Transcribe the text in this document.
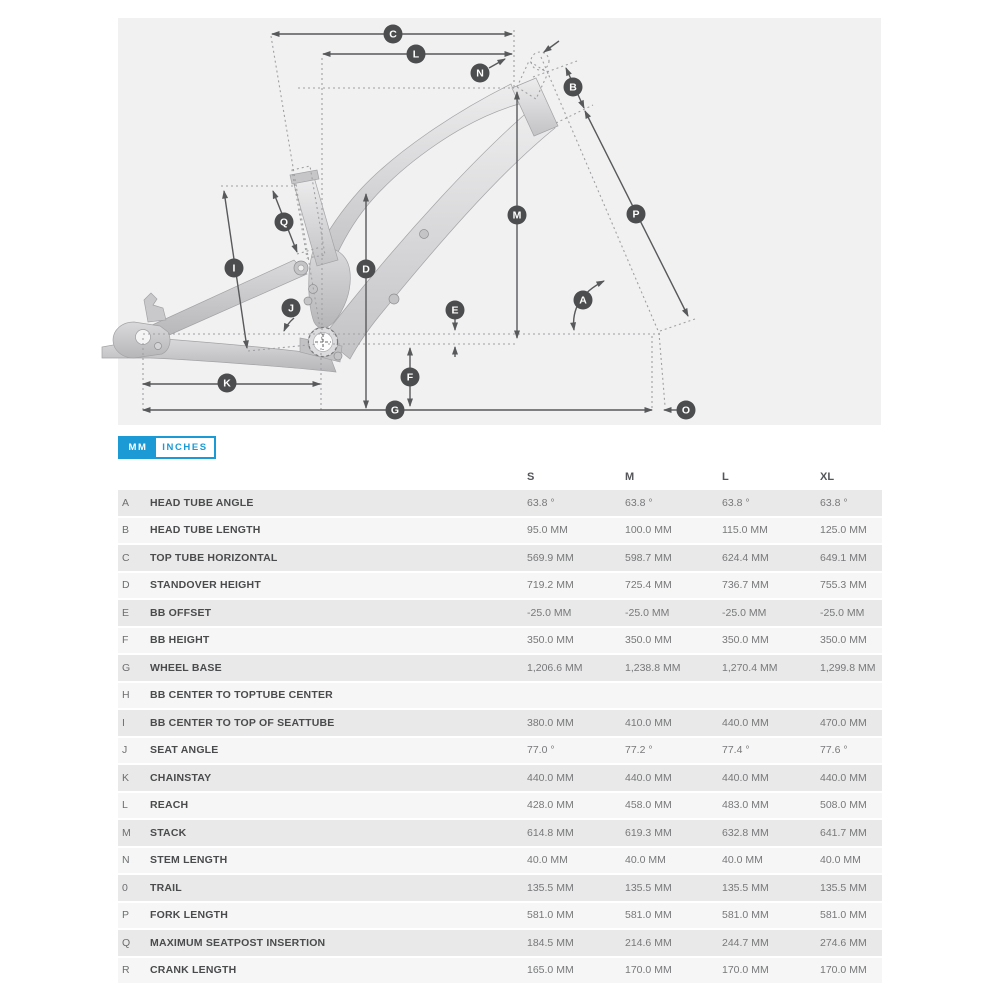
C
L
N
B
M	P
A
O
Q
I	D
J	E
K	F
G
MM	INCHES
S	M	L	XL
A	HEAD TUBE ANGLE	63.8 °	63.8 °	63.8 °	63.8 °
B	HEAD TUBE LENGTH	95.0 MM	100.0 MM	115.0 MM	125.0 MM
C	TOP TUBE HORIZONTAL	569.9 MM	598.7 MM	624.4 MM	649.1 MM
D	STANDOVER HEIGHT	719.2 MM	725.4 MM	736.7 MM	755.3 MM
E	BB OFFSET	-25.0 MM	-25.0 MM	-25.0 MM	-25.0 MM
F	BB HEIGHT	350.0 MM	350.0 MM	350.0 MM	350.0 MM
G	WHEEL BASE	1,206.6 MM	1,238.8 MM	1,270.4 MM	1,299.8 MM
H	BB CENTER TO TOPTUBE CENTER
I	BB CENTER TO TOP OF SEATTUBE	380.0 MM	410.0 MM	440.0 MM	470.0 MM
J	SEAT ANGLE	77.0 °	77.2 °	77.4 °	77.6 °
K	CHAINSTAY	440.0 MM	440.0 MM	440.0 MM	440.0 MM
L	REACH	428.0 MM	458.0 MM	483.0 MM	508.0 MM
M	STACK	614.8 MM	619.3 MM	632.8 MM	641.7 MM
N	STEM LENGTH	40.0 MM	40.0 MM	40.0 MM	40.0 MM
0	TRAIL	135.5 MM	135.5 MM	135.5 MM	135.5 MM
P	FORK LENGTH	581.0 MM	581.0 MM	581.0 MM	581.0 MM
Q	MAXIMUM SEATPOST INSERTION	184.5 MM	214.6 MM	244.7 MM	274.6 MM
R	CRANK LENGTH	165.0 MM	170.0 MM	170.0 MM	170.0 MM
